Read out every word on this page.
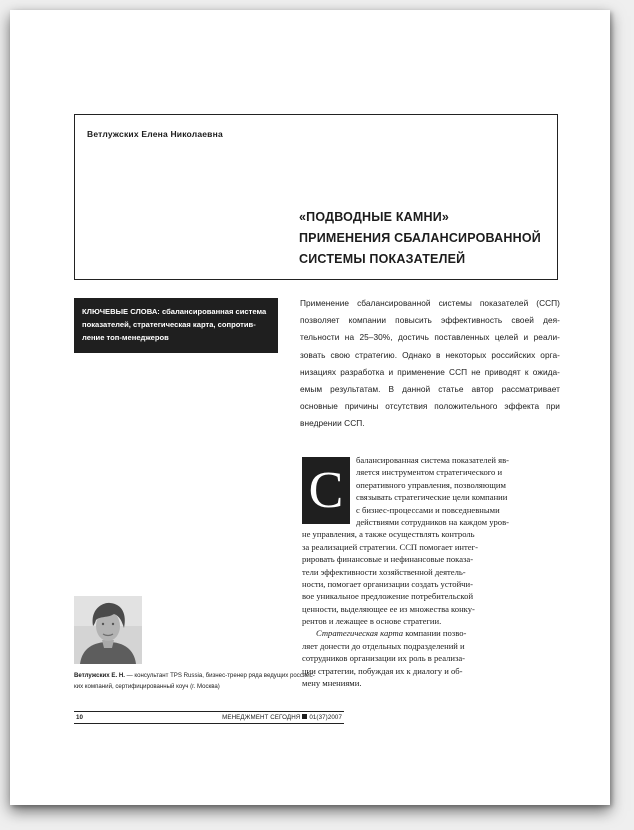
Ветлужских Елена Николаевна
«ПОДВОДНЫЕ КАМНИ»
ПРИМЕНЕНИЯ СБАЛАНСИРОВАННОЙ
СИСТЕМЫ ПОКАЗАТЕЛЕЙ
КЛЮЧЕВЫЕ СЛОВА: сбалансированная система
показателей, стратегическая карта, сопротив-
ление топ-менеджеров
Применение сбалансированной системы показателей (ССП)
позволяет компании повысить эффективность своей дея-
тельности на 25–30%, достичь поставленных целей и реали-
зовать свою стратегию. Однако в некоторых российских орга-
низациях разработка и применение ССП не приводят к ожида-
емым результатам. В данной статье автор рассматривает
основные причины отсутствия положительного эффекта при
внедрении ССП.
С
балансированная система показателей яв-
ляется инструментом стратегического и
оперативного управления, позволяющим
связывать стратегические цели компании
с бизнес-процессами и повседневными
действиями сотрудников на каждом уров-
не управления, а также осуществлять контроль
за реализацией стратегии. ССП помогает интег-
рировать финансовые и нефинансовые показа-
тели эффективности хозяйственной деятель-
ности, помогает организации создать устойчи-
вое уникальное предложение потребительской
ценности, выделяющее ее из множества конку-
рентов и лежащее в основе стратегии.
Стратегическая карта компании позво-
ляет донести до отдельных подразделений и
сотрудников организации их роль в реализа-
ции стратегии, побуждая их к диалогу и об-
мену мнениями.
Ветлужских Е. Н. — консультант TPS Russia, бизнес-тренер ряда ведущих российс-
ких компаний, сертифицированный коуч (г. Москва)
10	МЕНЕДЖМЕНТ СЕГОДНЯ 01(37)2007
